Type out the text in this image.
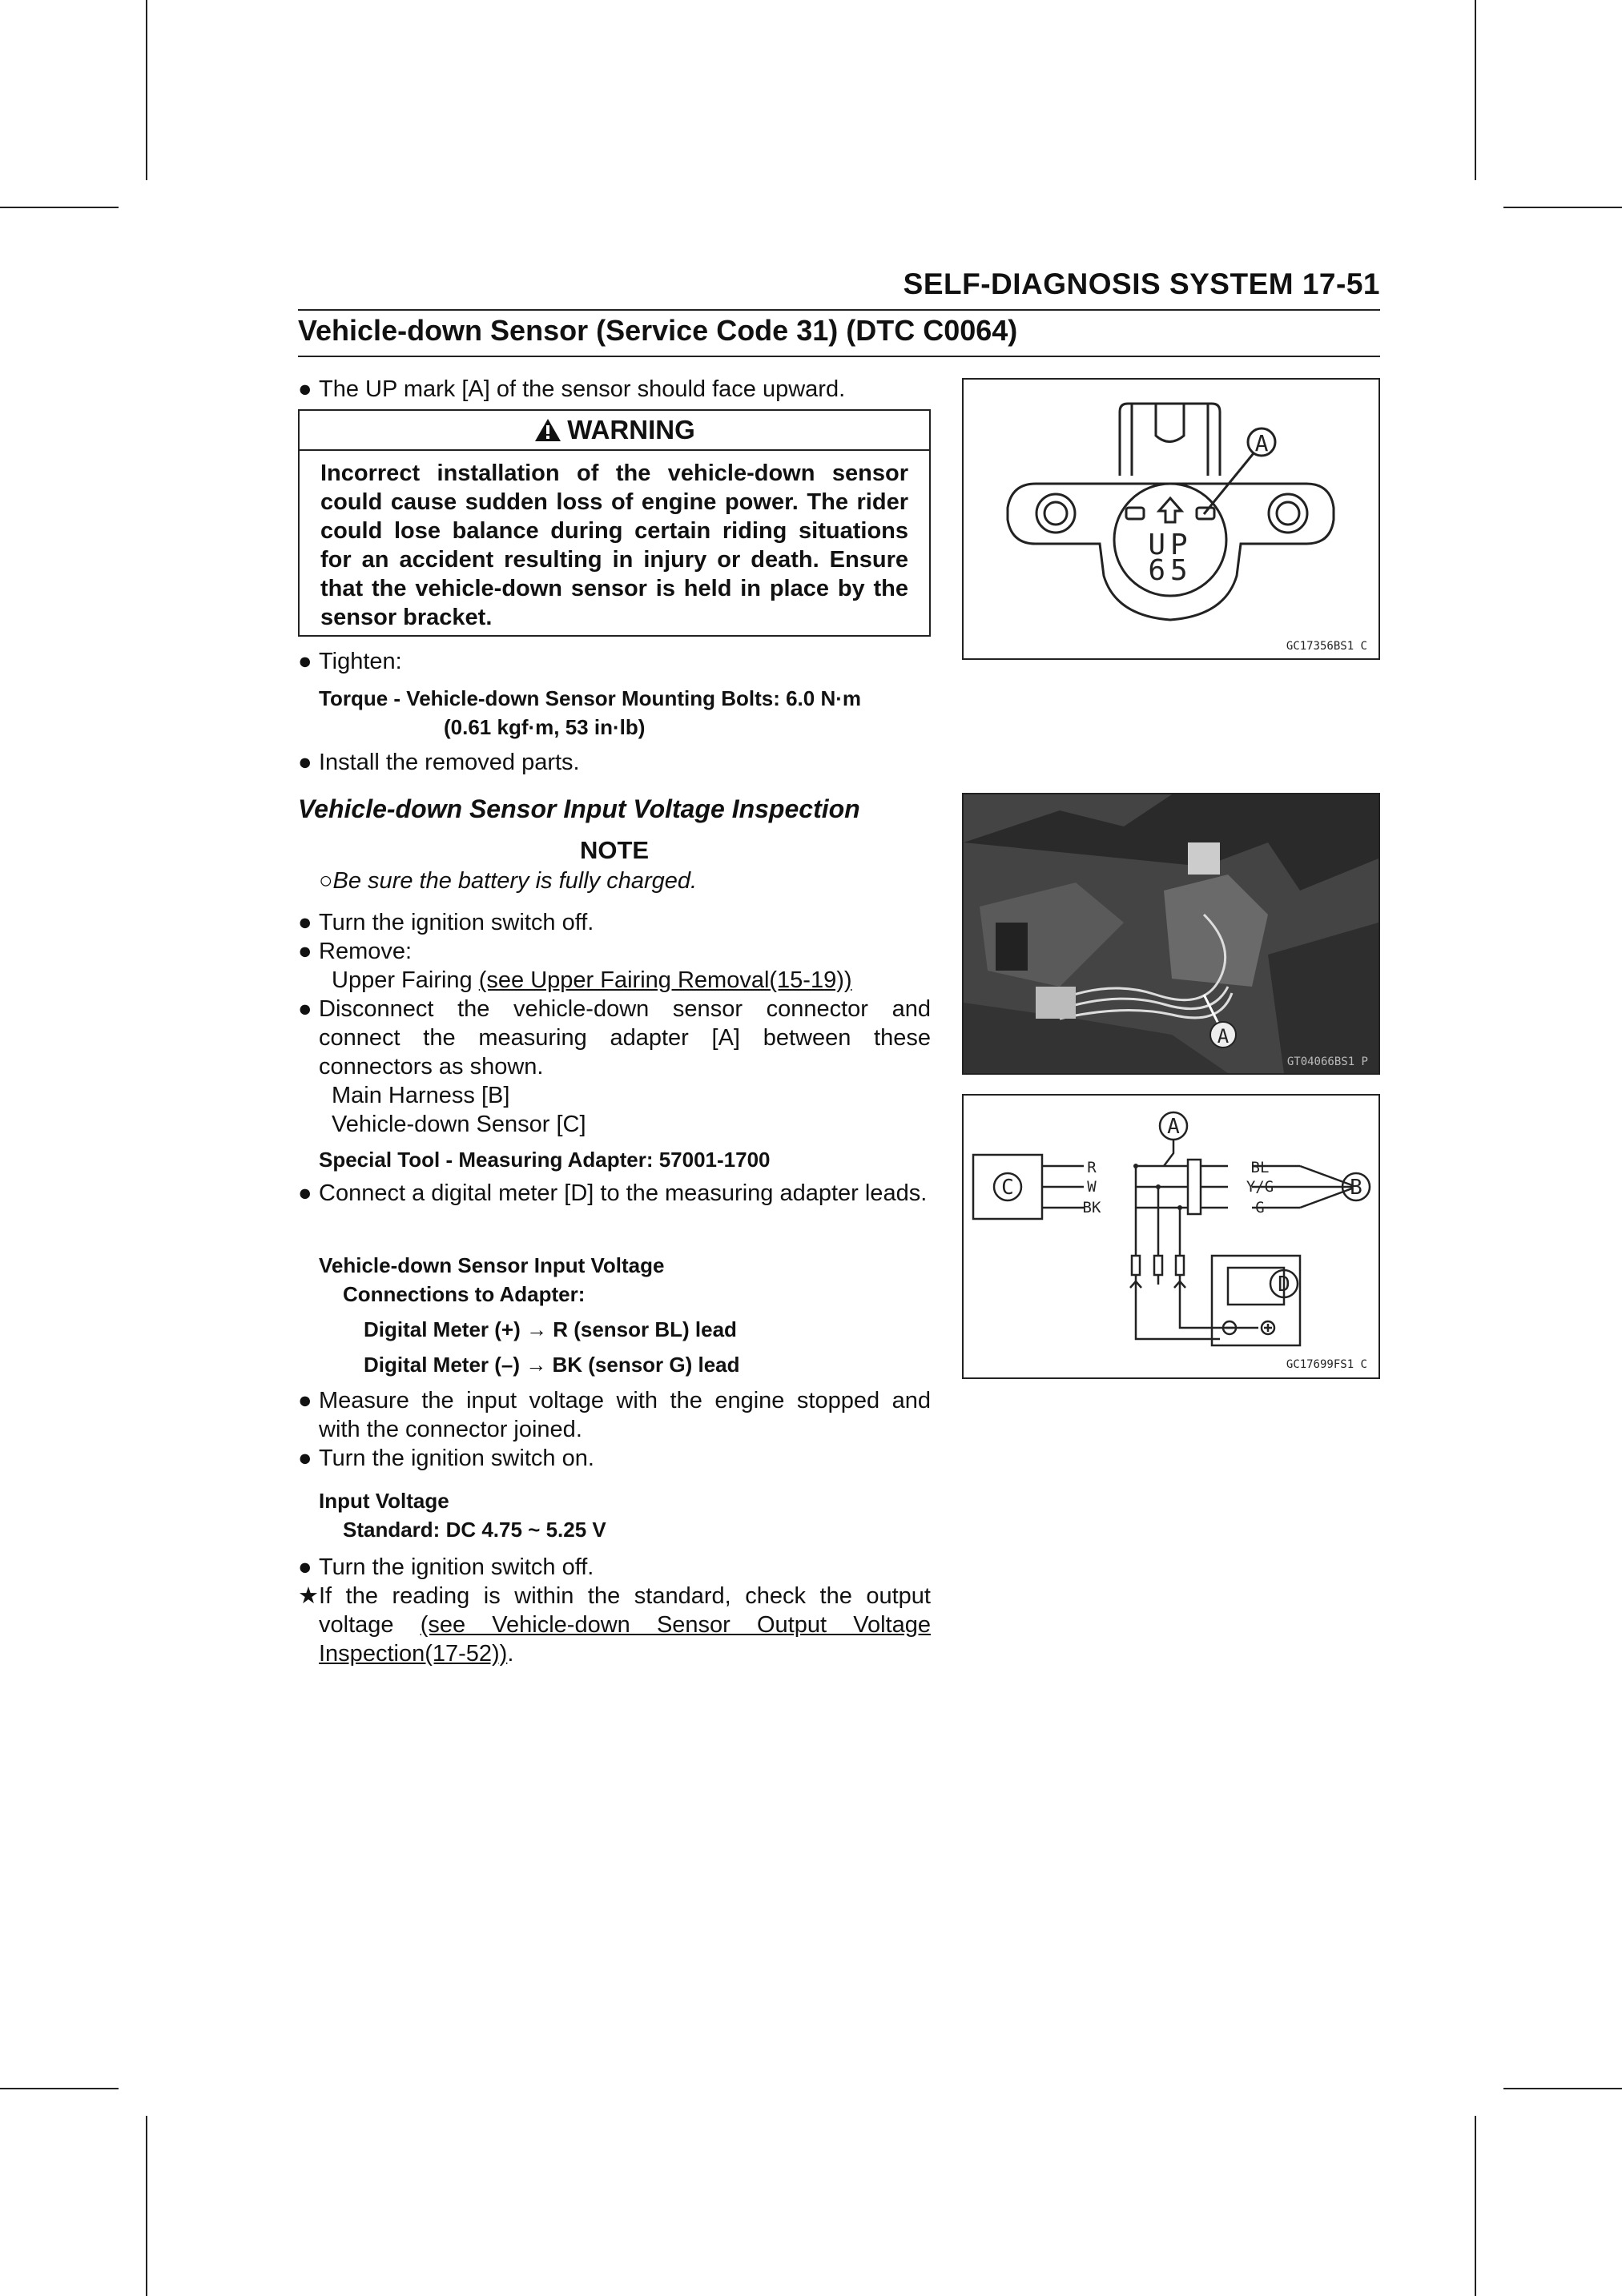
SELF-DIAGNOSIS SYSTEM 17-51
Vehicle-down Sensor (Service Code 31) (DTC C0064)
● The UP mark [A] of the sensor should face upward.
WARNING
Incorrect installation of the vehicle-down sensor could cause sudden loss of engine power. The rider could lose balance during certain riding situations for an accident resulting in injury or death. Ensure that the vehicle-down sensor is held in place by the sensor bracket.
● Tighten:
Torque - Vehicle-down Sensor Mounting Bolts: 6.0 N·m
(0.61 kgf·m, 53 in·lb)
● Install the removed parts.
Vehicle-down Sensor Input Voltage Inspection
NOTE
○Be sure the battery is fully charged.
● Turn the ignition switch off.
● Remove:
Upper Fairing (see Upper Fairing Removal(15-19))
● Disconnect the vehicle-down sensor connector and connect the measuring adapter [A] between these connectors as shown.
Main Harness [B]
Vehicle-down Sensor [C]
Special Tool - Measuring Adapter: 57001-1700
● Connect a digital meter [D] to the measuring adapter leads.
Vehicle-down Sensor Input Voltage
Connections to Adapter:
Digital Meter (+) → R (sensor BL) lead
Digital Meter (–) → BK (sensor G) lead
● Measure the input voltage with the engine stopped and with the connector joined.
● Turn the ignition switch on.
Input Voltage
Standard: DC 4.75 ~ 5.25 V
● Turn the ignition switch off.
★ If the reading is within the standard, check the output voltage (see Vehicle-down Sensor Output Voltage Inspection(17-52)).
A
UP
65
GC17356BS1 C
A
GT04066BS1 P
R
W
BK
BL
Y/G
G
A
B
C
D
GC17699FS1 C
